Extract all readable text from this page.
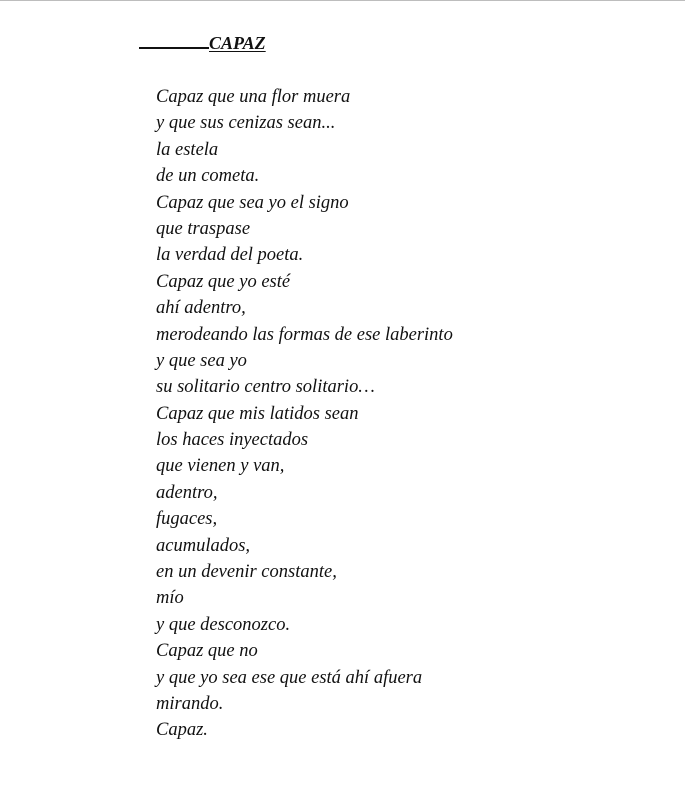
CAPAZ
Capaz que una flor muera
y que sus cenizas sean...
la estela
de un cometa.
Capaz que sea yo el signo
que traspase
la verdad del poeta.
Capaz que yo esté
ahí adentro,
merodeando las formas de ese laberinto
y que sea yo
su solitario centro solitario…
Capaz que mis latidos sean
los haces inyectados
que vienen y van,
adentro,
fugaces,
acumulados,
en un devenir constante,
mío
y que desconozco.
Capaz que no
y que yo sea ese que está ahí afuera
mirando.
Capaz.
